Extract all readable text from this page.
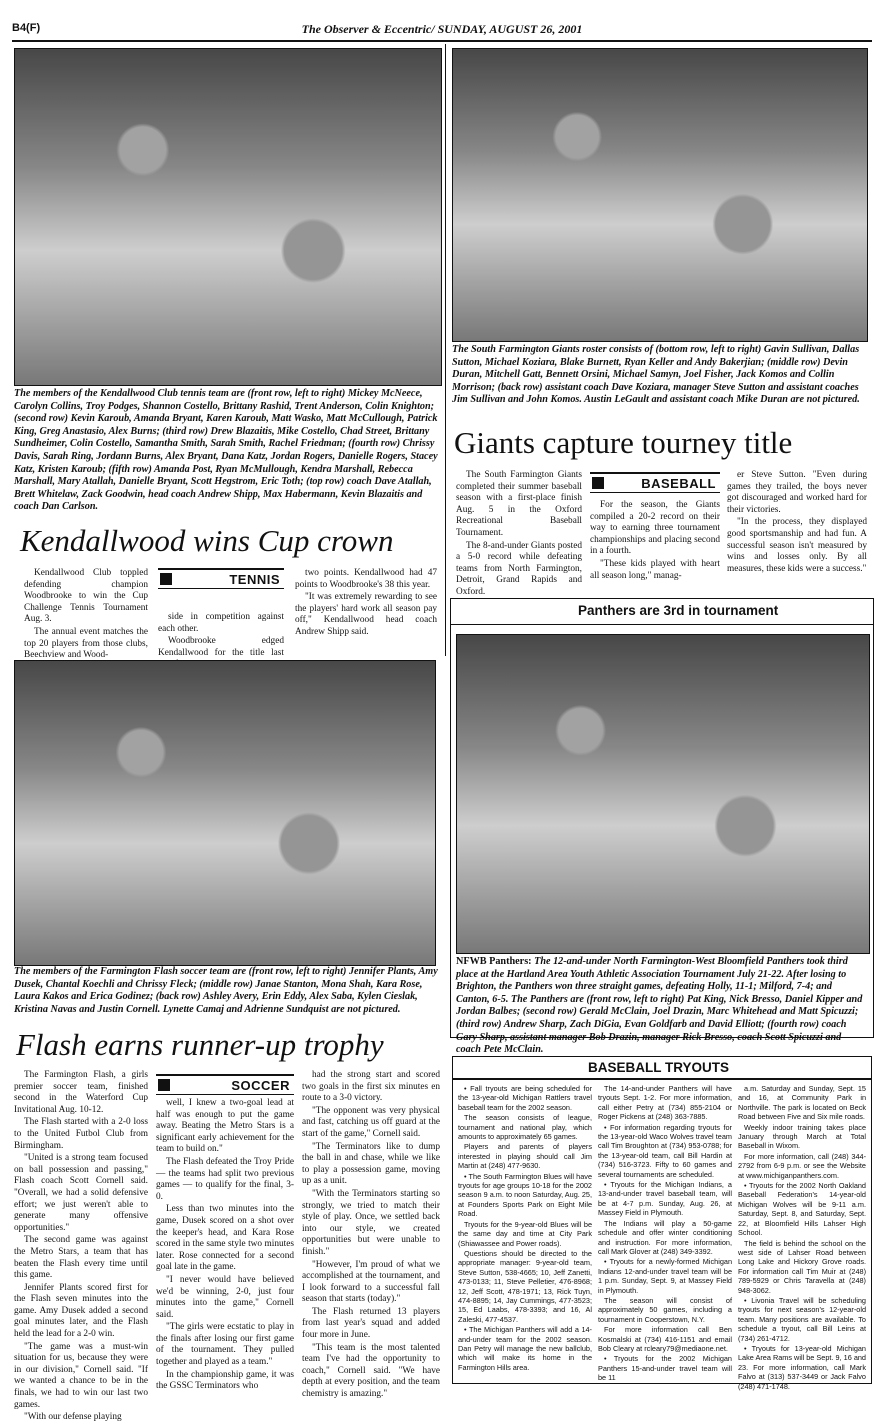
B4(F)	The Observer & Eccentric/ SUNDAY, AUGUST 26, 2001
The members of the Kendallwood Club tennis team are (front row, left to right) Mickey McNeece, Carolyn Collins, Troy Podges, Shannon Costello, Brittany Rashid, Trent Anderson, Colin Knighton; (second row) Kevin Karoub, Amanda Bryant, Karen Karoub, Matt Wasko, Matt McCullough, Patrick King, Greg Anastasio, Alex Burns; (third row) Drew Blazaitis, Mike Costello, Chad Street, Brittany Sundheimer, Colin Costello, Samantha Smith, Sarah Smith, Rachel Friedman; (fourth row) Chrissy Davis, Sarah Ring, Jordann Burns, Alex Bryant, Dana Katz, Jordan Rogers, Danielle Rogers, Stacey Katz, Kristen Karoub; (fifth row) Amanda Post, Ryan McMullough, Kendra Marshall, Rebecca Marshall, Mary Atallah, Danielle Bryant, Scott Hegstrom, Eric Toth; (top row) coach Dave Atallah, Brett Whitelaw, Zack Goodwin, head coach Andrew Shipp, Max Habermann, Kevin Blazaitis and coach Dan Carlson.
Kendallwood wins Cup crown

Kendallwood Club toppled defending champion Woodbrooke to win the Cup Challenge Tennis Tournament Aug. 3.

The annual event matches the top 20 players from those clubs, Beechview and Wood-

TENNIS

side in competition against each other.

Woodbrooke edged Kendallwood for the title last

two points. Kendallwood had 47 points to Woodbrooke's 38 this year.

"It was extremely rewarding to see the players' hard work all season pay off," Kendallwood head coach Andrew Shipp said.

The South Farmington Giants roster consists of (bottom row, left to right) Gavin Sullivan, Dallas Sutton, Michael Koziara, Blake Burnett, Ryan Keller and Andy Bakerjian; (middle row) Devin Duran, Mitchell Gatt, Bennett Orsini, Michael Samyn, Joel Fisher, Jack Komos and Collin Morrison; (back row) assistant coach Dave Koziara, manager Steve Sutton and assistant coaches Jim Sullivan and John Komos. Austin LeGault and assistant coach Mike Duran are not pictured.
Giants capture tourney title

The South Farmington Giants completed their summer baseball season with a first-place finish Aug. 5 in the Oxford Recreational Baseball Tournament.

The 8-and-under Giants posted a 5-0 record while defeating teams from North Farmington, Detroit, Grand Rapids and Oxford.

BASEBALL

For the season, the Giants compiled a 20-2 record on their way to earning three tournament championships and placing second in a fourth.

"These kids played with heart all season long," manag-

er Steve Sutton. "Even during games they trailed, the boys never got discouraged and worked hard for their victories.

"In the process, they displayed good sportsmanship and had fun. A successful season isn't measured by wins and losses only. By all measures, these kids were a success."

The members of the Farmington Flash soccer team are (front row, left to right) Jennifer Plants, Amy Dusek, Chantal Koechli and Chrissy Fleck; (middle row) Janae Stanton, Mona Shah, Kara Rose, Laura Kakos and Erica Godinez; (back row) Ashley Avery, Erin Eddy, Alex Saba, Kylen Cieslak, Kristina Navas and Justin Cornell. Lynette Camaj and Adrienne Sundquist are not pictured.
Flash earns runner-up trophy

The Farmington Flash, a girls premier soccer team, finished second in the Waterford Cup Invitational Aug. 10-12.

The Flash started with a 2-0 loss to the United Futbol Club from Birmingham.

"United is a strong team focused on ball possession and passing," Flash coach Scott Cornell said. "Overall, we had a solid defensive effort; we just weren't able to generate many offensive opportunities."

The second game was against the Metro Stars, a team that has beaten the Flash every time until this game.

Jennifer Plants scored first for the Flash seven minutes into the game. Amy Dusek added a second goal minutes later, and the Flash held the lead for a 2-0 win.

"The game was a must-win situation for us, because they were in our division," Cornell said. "If we wanted a chance to be in the finals, we had to win our last two games.

"With our defense playing

SOCCER

well, I knew a two-goal lead at half was enough to put the game away. Beating the Metro Stars is a significant early achievement for the team to build on."

The Flash defeated the Troy Pride — the teams had split two previous games — to qualify for the final, 3-0.

Less than two minutes into the game, Dusek scored on a shot over the keeper's head, and Kara Rose scored in the same style two minutes later. Rose connected for a second goal late in the game.

"I never would have believed we'd be winning, 2-0, just four minutes into the game," Cornell said.

"The girls were ecstatic to play in the finals after losing our first game of the tournament. They pulled together and played as a team."

In the championship game, it was the GSSC Terminators who

had the strong start and scored two goals in the first six minutes en route to a 3-0 victory.

"The opponent was very physical and fast, catching us off guard at the start of the game," Cornell said.

"The Terminators like to dump the ball in and chase, while we like to play a possession game, moving up as a unit.

"With the Terminators starting so strongly, we tried to match their style of play. Once, we settled back into our style, we created opportunities but were unable to finish."

"However, I'm proud of what we accomplished at the tournament, and I look forward to a successful fall season that starts (today)."

The Flash returned 13 players from last year's squad and added four more in June.

"This team is the most talented team I've had the opportunity to coach," Cornell said. "We have depth at every position, and the team chemistry is amazing."

Panthers are 3rd in tournament
NFWB Panthers: The 12-and-under North Farmington-West Bloomfield Panthers took third place at the Hartland Area Youth Athletic Association Tournament July 21-22. After losing to Brighton, the Panthers won three straight games, defeating Holly, 11-1; Milford, 7-4; and Canton, 6-5. The Panthers are (front row, left to right) Pat King, Nick Bresso, Daniel Kipper and Jordan Balbes; (second row) Gerald McClain, Joel Drazin, Marc Whitehead and Matt Spicuzzi; (third row) Andrew Sharp, Zach DiGia, Evan Goldfarb and David Elliott; (fourth row) coach Gary Sharp, assistant manager Bob Drazin, manager Rick Bresso, coach Scott Spicuzzi and coach Pete McClain.
BASEBALL TRYOUTS

• Fall tryouts are being scheduled for the 13-year-old Michigan Rattlers travel baseball team for the 2002 season.

The season consists of league, tournament and national play, which amounts to approximately 65 games.

Players and parents of players interested in playing should call Jim Martin at (248) 477-9630.

• The South Farmington Blues will have tryouts for age groups 10-18 for the 2002 season 9 a.m. to noon Saturday, Aug. 25, at Founders Sports Park on Eight Mile Road.

Tryouts for the 9-year-old Blues will be the same day and time at City Park (Shiawassee and Power roads).

Questions should be directed to the appropriate manager: 9-year-old team, Steve Sutton, 538-4665; 10, Jeff Zanetti, 473-0133; 11, Steve Pelletier, 476-8968; 12, Jeff Scott, 478-1971; 13, Rick Tuyn, 474-8895; 14, Jay Cummings, 477-3523; 15, Ed Laabs, 478-3393; and 16, Al Zaleski, 477-4537.

• The Michigan Panthers will add a 14-and-under team for the 2002 season. Dan Petry will manage the new ballclub, which will make its home in the Farmington Hills area.

The 14-and-under Panthers will have tryouts Sept. 1-2. For more information, call either Petry at (734) 855-2104 or Roger Pickens at (248) 363-7885.

• For information regarding tryouts for the 13-year-old Waco Wolves travel team call Tim Broughton at (734) 953-0788; for the 13-year-old team, call Bill Hardin at (734) 516-3723. Fifty to 60 games and several tournaments are scheduled.

• Tryouts for the Michigan Indians, a 13-and-under travel baseball team, will be at 4-7 p.m. Sunday, Aug. 26, at Massey Field in Plymouth.

The Indians will play a 50-game schedule and offer winter conditioning and instruction. For more information, call Mark Glover at (248) 349-3392.

• Tryouts for a newly-formed Michigan Indians 12-and-under travel team will be 1 p.m. Sunday, Sept. 9, at Massey Field in Plymouth.

The season will consist of approximately 50 games, including a tournament in Cooperstown, N.Y.

For more information call Ben Kosmalski at (734) 416-1151 and email Bob Cleary at rcleary79@mediaone.net.

• Tryouts for the 2002 Michigan Panthers 15-and-under travel team will be 11

a.m. Saturday and Sunday, Sept. 15 and 16, at Community Park in Northville. The park is located on Beck Road between Five and Six mile roads.

Weekly indoor training takes place January through March at Total Baseball in Wixom.

For more information, call (248) 344-2792 from 6-9 p.m. or see the Website at www.michiganpanthers.com.

• Tryouts for the 2002 North Oakland Baseball Federation's 14-year-old Michigan Wolves will be 9-11 a.m. Saturday, Sept. 8, and Saturday, Sept. 22, at Bloomfield Hills Lahser High School.

The field is behind the school on the west side of Lahser Road between Long Lake and Hickory Grove roads. For information call Tim Muir at (248) 789-5929 or Chris Taravella at (248) 948-3062.

• Livonia Travel will be scheduling tryouts for next season's 12-year-old team. Many positions are available. To schedule a tryout, call Bill Leins at (734) 261-4712.

• Tryouts for 13-year-old Michigan Lake Area Rams will be Sept. 9, 16 and 23. For more information, call Mark Falvo at (313) 537-3449 or Jack Falvo (248) 471-1748.
